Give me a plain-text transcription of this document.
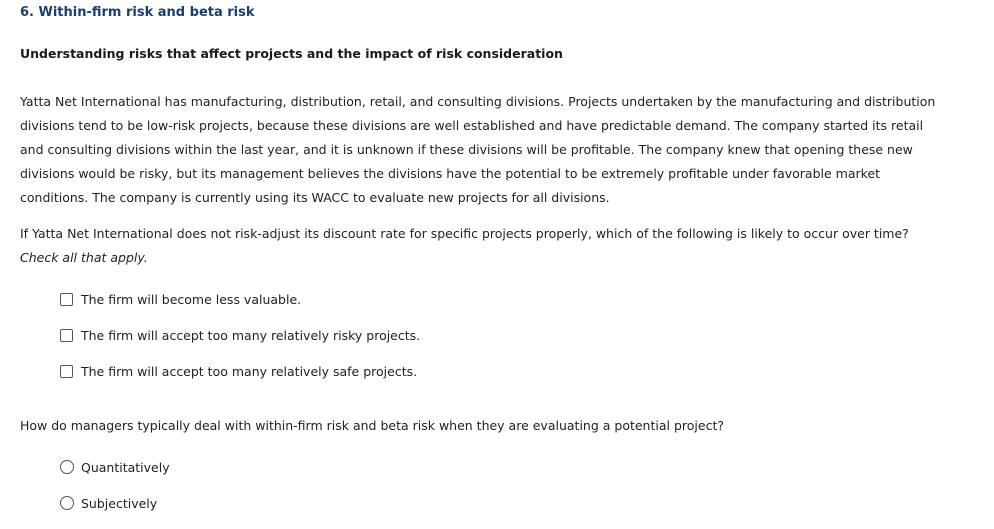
6. Within-firm risk and beta risk
Understanding risks that affect projects and the impact of risk consideration

Yatta Net International has manufacturing, distribution, retail, and consulting divisions. Projects undertaken by the manufacturing and distribution divisions tend to be low-risk projects, because these divisions are well established and have predictable demand. The company started its retail and consulting divisions within the last year, and it is unknown if these divisions will be profitable. The company knew that opening these new divisions would be risky, but its management believes the divisions have the potential to be extremely profitable under favorable market conditions. The company is currently using its WACC to evaluate new projects for all divisions.

If Yatta Net International does not risk-adjust its discount rate for specific projects properly, which of the following is likely to occur over time? Check all that apply.

The firm will become less valuable.
The firm will accept too many relatively risky projects.
The firm will accept too many relatively safe projects.

How do managers typically deal with within-firm risk and beta risk when they are evaluating a potential project?

Quantitatively
Subjectively
